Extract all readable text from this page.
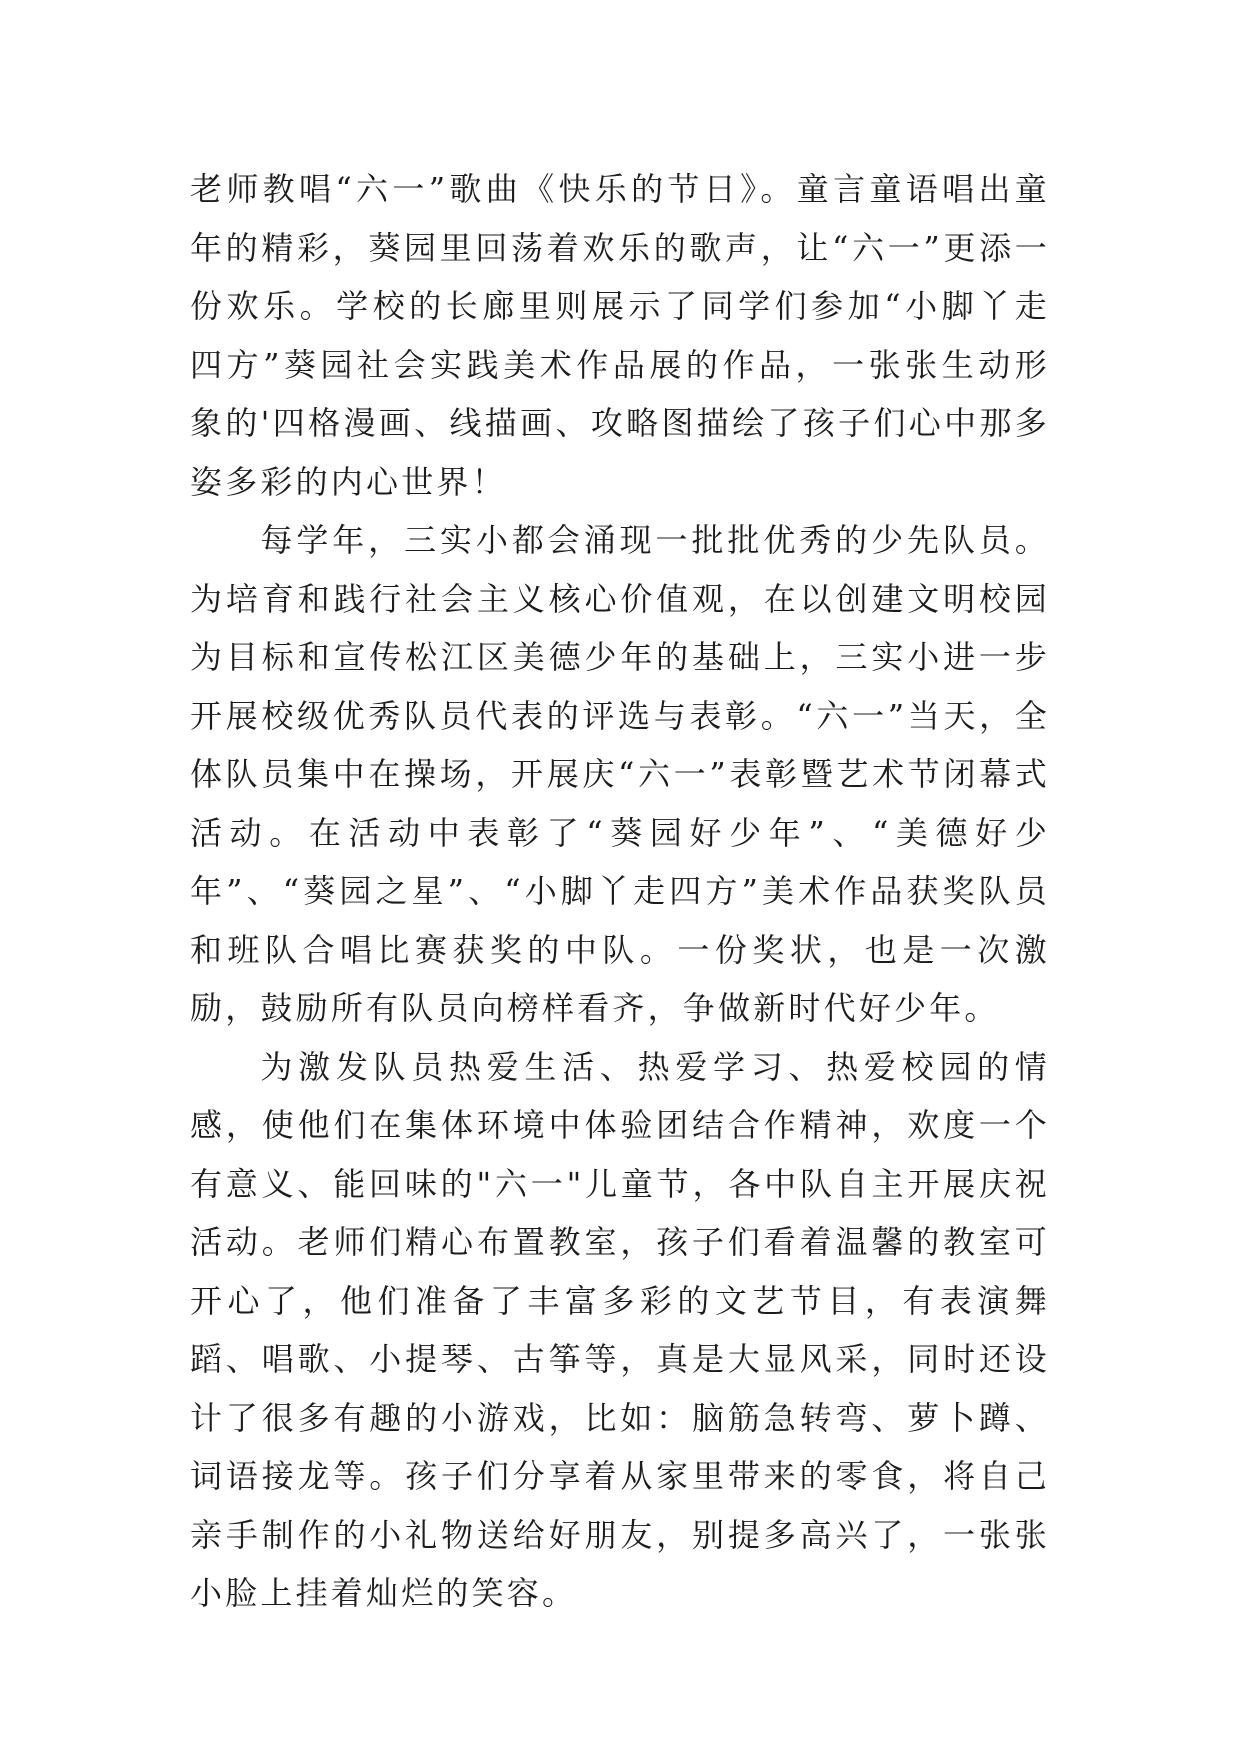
老师教唱“六一”歌曲《快乐的节日》。童言童语唱出童年的精彩，葵园里回荡着欢乐的歌声，让“六一”更添一份欢乐。学校的长廊里则展示了同学们参加“小脚丫走四方”葵园社会实践美术作品展的作品，一张张生动形象的'四格漫画、线描画、攻略图描绘了孩子们心中那多姿多彩的内心世界！

每学年，三实小都会涌现一批批优秀的少先队员。为培育和践行社会主义核心价值观，在以创建文明校园为目标和宣传松江区美德少年的基础上，三实小进一步开展校级优秀队员代表的评选与表彰。“六一”当天，全体队员集中在操场，开展庆“六一”表彰暨艺术节闭幕式活动。在活动中表彰了“葵园好少年”、“美德好少年”、“葵园之星”、“小脚丫走四方”美术作品获奖队员和班队合唱比赛获奖的中队。一份奖状，也是一次激励，鼓励所有队员向榜样看齐，争做新时代好少年。

为激发队员热爱生活、热爱学习、热爱校园的情感，使他们在集体环境中体验团结合作精神，欢度一个有意义、能回味的"六一"儿童节，各中队自主开展庆祝活动。老师们精心布置教室，孩子们看着温馨的教室可开心了，他们准备了丰富多彩的文艺节目，有表演舞蹈、唱歌、小提琴、古筝等，真是大显风采，同时还设计了很多有趣的小游戏，比如：脑筋急转弯、萝卜蹲、词语接龙等。孩子们分享着从家里带来的零食，将自己亲手制作的小礼物送给好朋友，别提多高兴了，一张张小脸上挂着灿烂的笑容。
